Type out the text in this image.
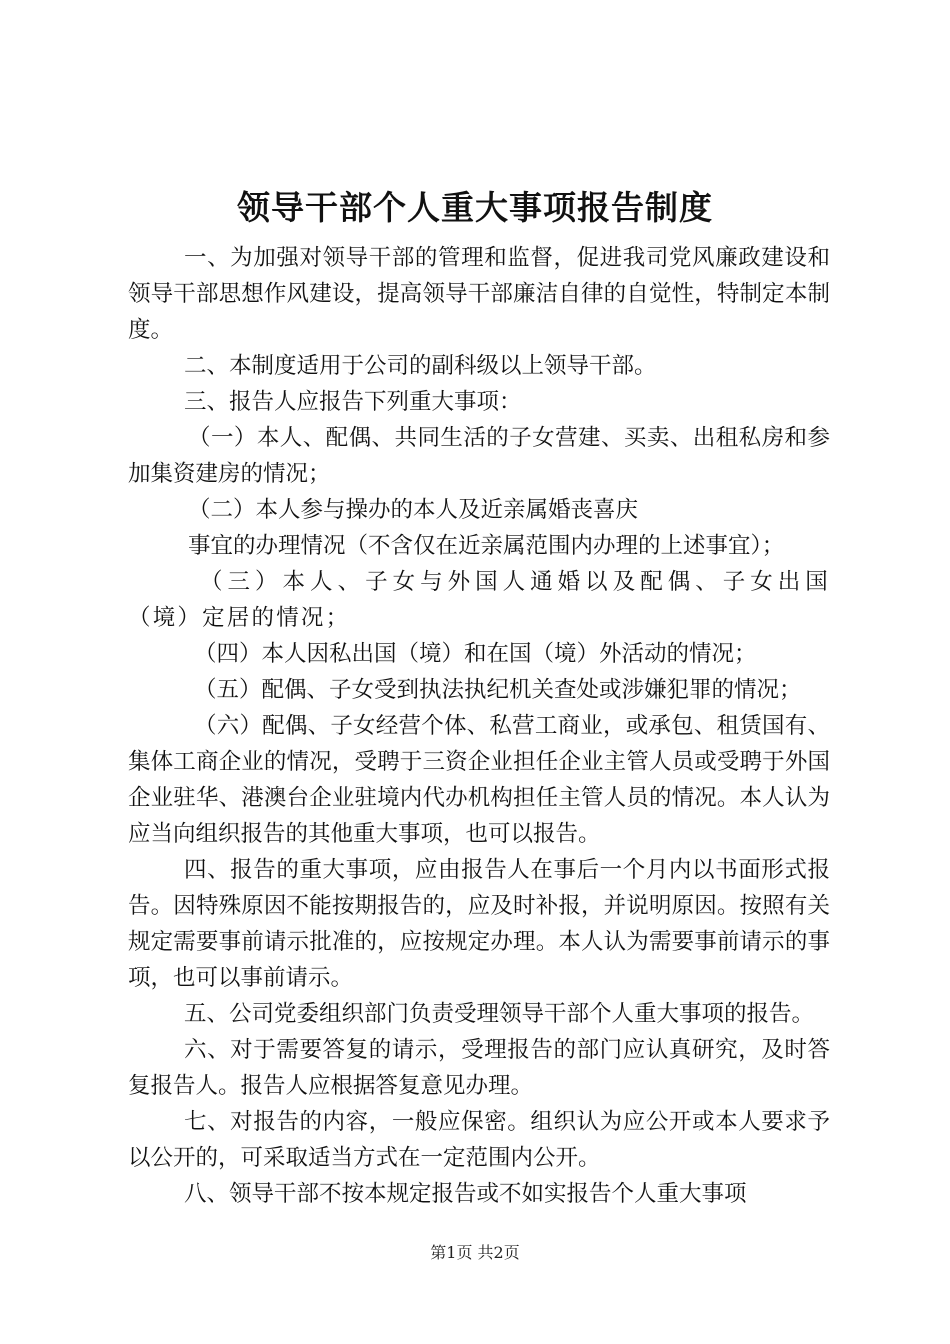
领导干部个人重大事项报告制度

一、为加强对领导干部的管理和监督，促进我司党风廉政建设和领导干部思想作风建设，提高领导干部廉洁自律的自觉性，特制定本制度。

二、本制度适用于公司的副科级以上领导干部。

三、报告人应报告下列重大事项：

（一）本人、配偶、共同生活的子女营建、买卖、出租私房和参加集资建房的情况；

（二）本人参与操办的本人及近亲属婚丧喜庆

事宜的办理情况（不含仅在近亲属范围内办理的上述事宜）；

（三）本人、子女与外国人通婚以及配偶、子女出国（境）定居的情况；

（四）本人因私出国（境）和在国（境）外活动的情况；

（五）配偶、子女受到执法执纪机关查处或涉嫌犯罪的情况；

（六）配偶、子女经营个体、私营工商业，或承包、租赁国有、集体工商企业的情况，受聘于三资企业担任企业主管人员或受聘于外国企业驻华、港澳台企业驻境内代办机构担任主管人员的情况。本人认为应当向组织报告的其他重大事项，也可以报告。

四、报告的重大事项，应由报告人在事后一个月内以书面形式报告。因特殊原因不能按期报告的，应及时补报，并说明原因。按照有关规定需要事前请示批准的，应按规定办理。本人认为需要事前请示的事项，也可以事前请示。

五、公司党委组织部门负责受理领导干部个人重大事项的报告。

六、对于需要答复的请示，受理报告的部门应认真研究，及时答复报告人。报告人应根据答复意见办理。

七、对报告的内容，一般应保密。组织认为应公开或本人要求予以公开的，可采取适当方式在一定范围内公开。

八、领导干部不按本规定报告或不如实报告个人重大事项

第1页 共2页
